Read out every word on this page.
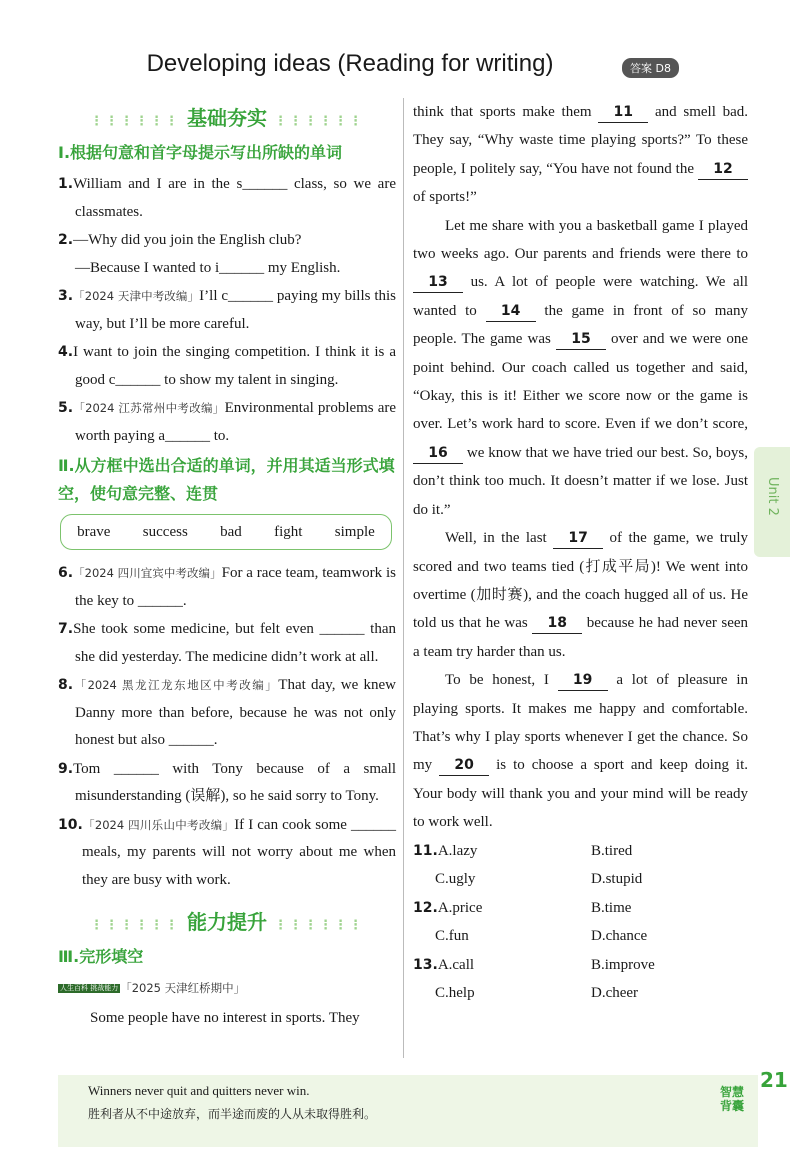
Developing ideas (Reading for writing)	答案 D8
⋮⋮⋮⋮⋮⋮ 基础夯实 ⋮⋮⋮⋮⋮⋮
Ⅰ.根据句意和首字母提示写出所缺的单词
1.William and I are in the s______ class, so we are classmates.
2.—Why did you join the English club?
—Because I wanted to i______ my English.
3.「2024 天津中考改编」I’ll c______ paying my bills this way, but I’ll be more careful.
4.I want to join the singing competition. I think it is a good c______ to show my talent in singing.
5.「2024 江苏常州中考改编」Environmental problems are worth paying a______ to.
Ⅱ.从方框中选出合适的单词，并用其适当形式填空，使句意完整、连贯
brave success bad fight simple
6.「2024 四川宜宾中考改编」For a race team, teamwork is the key to ______.
7.She took some medicine, but felt even ______ than she did yesterday. The medicine didn’t work at all.
8.「2024 黑龙江龙东地区中考改编」That day, we knew Danny more than before, because he was not only honest but also ______.
9.Tom ______ with Tony because of a small misunderstanding (误解), so he said sorry to Tony.
10.「2024 四川乐山中考改编」If I can cook some ______ meals, my parents will not worry about me when they are busy with work.
⋮⋮⋮⋮⋮⋮ 能力提升 ⋮⋮⋮⋮⋮⋮
Ⅲ.完形填空
人生百科 挑战能力 「2025 天津红桥期中」
Some people have no interest in sports. They
think that sports make them 11 and smell bad. They say, “Why waste time playing sports?” To these people, I politely say, “You have not found the 12 of sports!”
Let me share with you a basketball game I played two weeks ago. Our parents and friends were there to 13 us. A lot of people were watching. We all wanted to 14 the game in front of so many people. The game was 15 over and we were one point behind. Our coach called us together and said, “Okay, this is it! Either we score now or the game is over. Let’s work hard to score. Even if we don’t score, 16 we know that we have tried our best. So, boys, don’t think too much. It doesn’t matter if we lose. Just do it.”
Well, in the last 17 of the game, we truly scored and two teams tied (打成平局)! We went into overtime (加时赛), and the coach hugged all of us. He told us that he was 18 because he had never seen a team try harder than us.
To be honest, I 19 a lot of pleasure in playing sports. It makes me happy and comfortable. That’s why I play sports whenever I get the chance. So my 20 is to choose a sport and keep doing it. Your body will thank you and your mind will be ready to work well.
11.A.lazy	B.tired
C.ugly	D.stupid
12.A.price	B.time
C.fun	D.chance
13.A.call	B.improve
C.help	D.cheer
Unit 2
Winners never quit and quitters never win.
胜利者从不中途放弃，而半途而废的人从未取得胜利。
智慧背囊
21
